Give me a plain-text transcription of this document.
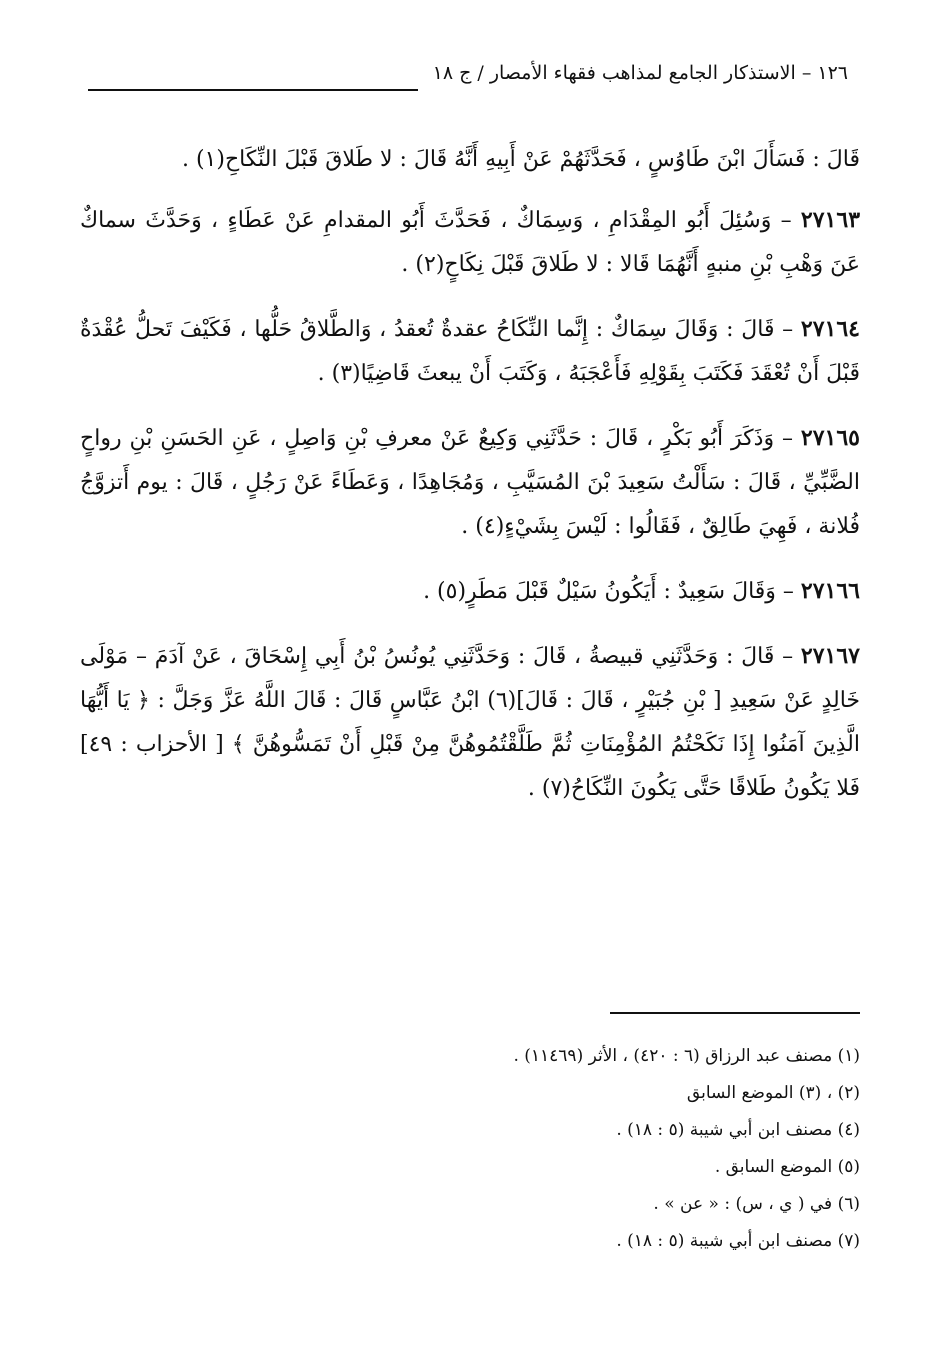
١٢٦ – الاستذكار الجامع لمذاهب فقهاء الأمصار / ج ١٨

قَالَ : فَسَأَلَ ابْنَ طَاوُسٍ ، فَحَدَّثَهُمْ عَنْ أَبِيهِ أَنَّهُ قَالَ : لا طَلاقَ قَبْلَ النِّكَاحِ(١) .

٢٧١٦٣ – وَسُئِلَ أَبُو المِقْدَامِ ، وَسِمَاكٌ ، فَحَدَّثَ أَبُو المقدامِ عَنْ عَطَاءٍ ، وَحَدَّثَ سماكٌ عَنَ وَهْبِ بْنِ منبهٍ أَنَّهُمَا قَالا : لا طَلاقَ قَبْلَ نِكَاحٍ(٢) .

٢٧١٦٤ – قَالَ : وَقَالَ سِمَاكٌ : إِنَّما النِّكَاحُ عقدةٌ تُعقدُ ، وَالطَّلاقُ حَلُّها ، فَكَيْفَ تَحلُّ عُقْدَةٌ قَبْلَ أَنْ تُعْقَدَ فَكَتَبَ بِقَوْلِهِ فَأَعْجَبَهُ ، وَكَتَبَ أَنْ يبعثَ قَاضِيًا(٣) .

٢٧١٦٥ – وَذَكَرَ أَبُو بَكْرٍ ، قَالَ : حَدَّثَنِي وَكِيعٌ عَنْ معرفِ بْنِ وَاصِلٍ ، عَنِ الحَسَنِ بْنِ رواحٍ الضَّبِّيِّ ، قَالَ : سَأَلْتُ سَعِيدَ بْنَ المُسَيَّبِ ، وَمُجَاهِدًا ، وَعَطَاءً عَنْ رَجُلٍ ، قَالَ : يوم أَتزوَّجُ فُلانة ، فَهِيَ طَالِقٌ ، فَقَالُوا : لَيْسَ بِشَيْءٍ(٤) .

٢٧١٦٦ – وَقَالَ سَعِيدٌ : أَيَكُونُ سَيْلٌ قَبْلَ مَطَرٍ(٥) .

٢٧١٦٧ – قَالَ : وَحَدَّثَنِي قبيصةُ ، قَالَ : وَحَدَّثَنِي يُونُسُ بْنُ أَبِي إِسْحَاقَ ، عَنْ آدَمَ – مَوْلَى خَالِدٍ عَنْ سَعِيدِ [ بْنِ جُبَيْرٍ ، قَالَ : قَالَ](٦) ابْنُ عَبَّاسٍ قَالَ : قَالَ اللَّهُ عَزَّ وَجَلَّ : ﴿ يَا أَيُّهَا الَّذِينَ آمَنُوا إِذَا نَكَحْتُمُ المُؤْمِنَاتِ ثُمَّ طَلَّقْتُمُوهُنَّ مِنْ قَبْلِ أَنْ تَمَسُّوهُنَّ ﴾ [ الأحزاب : ٤٩] فَلا يَكُونُ طَلاقًا حَتَّى يَكُونَ النِّكَاحُ(٧) .

(١) مصنف عبد الرزاق (٦ : ٤٢٠) ، الأثر (١١٤٦٩) .
(٢) ، (٣) الموضع السابق
(٤) مصنف ابن أبي شيبة (٥ : ١٨) .
(٥) الموضع السابق .
(٦) في ( ي ، س) : « عن » .
(٧) مصنف ابن أبي شيبة (٥ : ١٨) .
